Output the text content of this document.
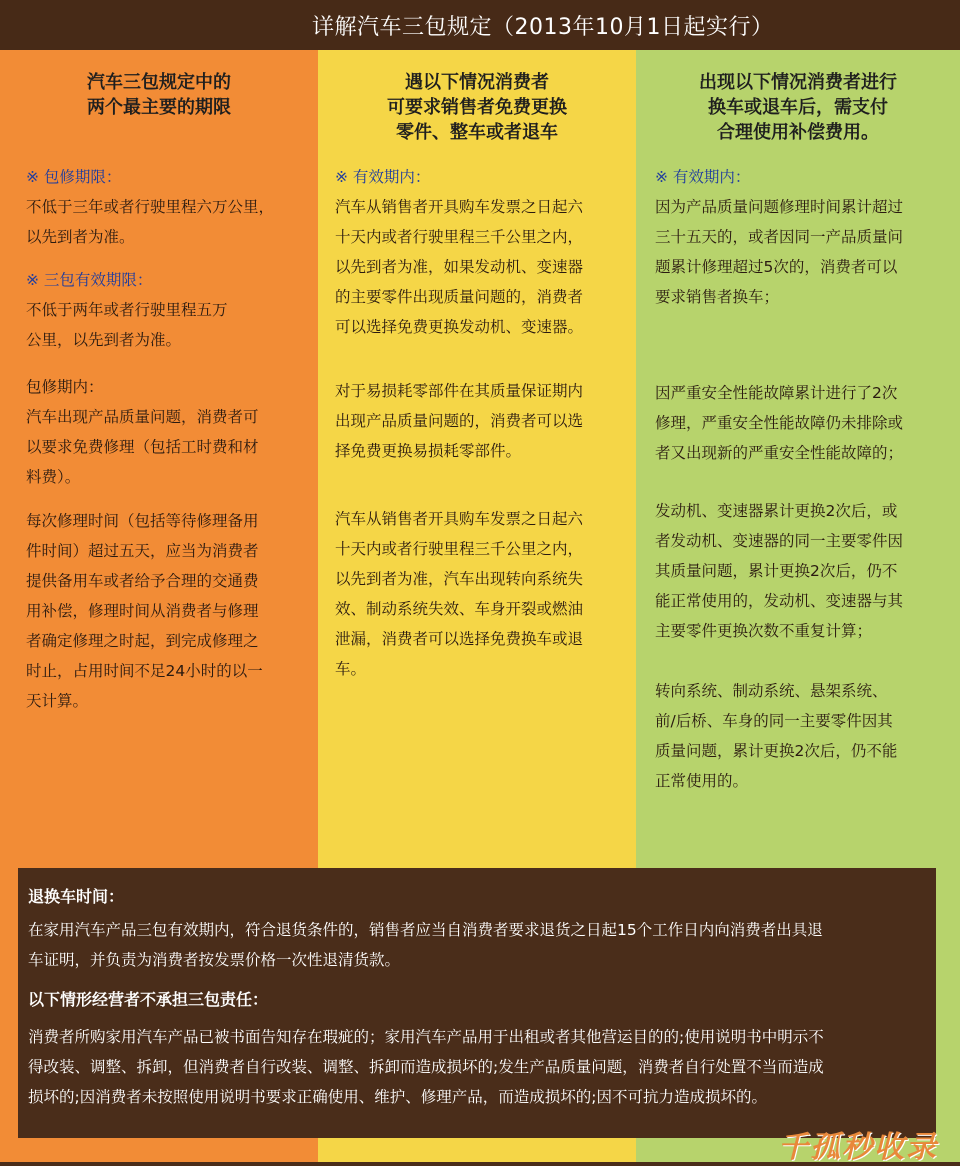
详解汽车三包规定（2013年10月1日起实行）
汽车三包规定中的
两个最主要的期限
※ 包修期限：
不低于三年或者行驶里程六万公里，
以先到者为准。
※ 三包有效期限：
不低于两年或者行驶里程五万
公里，以先到者为准。
包修期内：
汽车出现产品质量问题，消费者可
以要求免费修理（包括工时费和材
料费）。
每次修理时间（包括等待修理备用
件时间）超过五天，应当为消费者
提供备用车或者给予合理的交通费
用补偿，修理时间从消费者与修理
者确定修理之时起，到完成修理之
时止，占用时间不足24小时的以一
天计算。
遇以下情况消费者
可要求销售者免费更换
零件、整车或者退车
※ 有效期内：
汽车从销售者开具购车发票之日起六
十天内或者行驶里程三千公里之内，
以先到者为准，如果发动机、变速器
的主要零件出现质量问题的，消费者
可以选择免费更换发动机、变速器。
对于易损耗零部件在其质量保证期内
出现产品质量问题的，消费者可以选
择免费更换易损耗零部件。
汽车从销售者开具购车发票之日起六
十天内或者行驶里程三千公里之内，
以先到者为准，汽车出现转向系统失
效、制动系统失效、车身开裂或燃油
泄漏，消费者可以选择免费换车或退
车。
出现以下情况消费者进行
换车或退车后，需支付
合理使用补偿费用。
※ 有效期内：
因为产品质量问题修理时间累计超过
三十五天的，或者因同一产品质量问
题累计修理超过5次的，消费者可以
要求销售者换车；
因严重安全性能故障累计进行了2次
修理，严重安全性能故障仍未排除或
者又出现新的严重安全性能故障的；
发动机、变速器累计更换2次后，或
者发动机、变速器的同一主要零件因
其质量问题，累计更换2次后，仍不
能正常使用的，发动机、变速器与其
主要零件更换次数不重复计算；
转向系统、制动系统、悬架系统、
前/后桥、车身的同一主要零件因其
质量问题，累计更换2次后，仍不能
正常使用的。
退换车时间：
在家用汽车产品三包有效期内，符合退货条件的，销售者应当自消费者要求退货之日起15个工作日内向消费者出具退
车证明，并负责为消费者按发票价格一次性退清货款。
以下情形经营者不承担三包责任：
消费者所购家用汽车产品已被书面告知存在瑕疵的；家用汽车产品用于出租或者其他营运目的的;使用说明书中明示不
得改装、调整、拆卸，但消费者自行改装、调整、拆卸而造成损坏的;发生产品质量问题，消费者自行处置不当而造成
损坏的;因消费者未按照使用说明书要求正确使用、维护、修理产品，而造成损坏的;因不可抗力造成损坏的。
千孤秒收录
